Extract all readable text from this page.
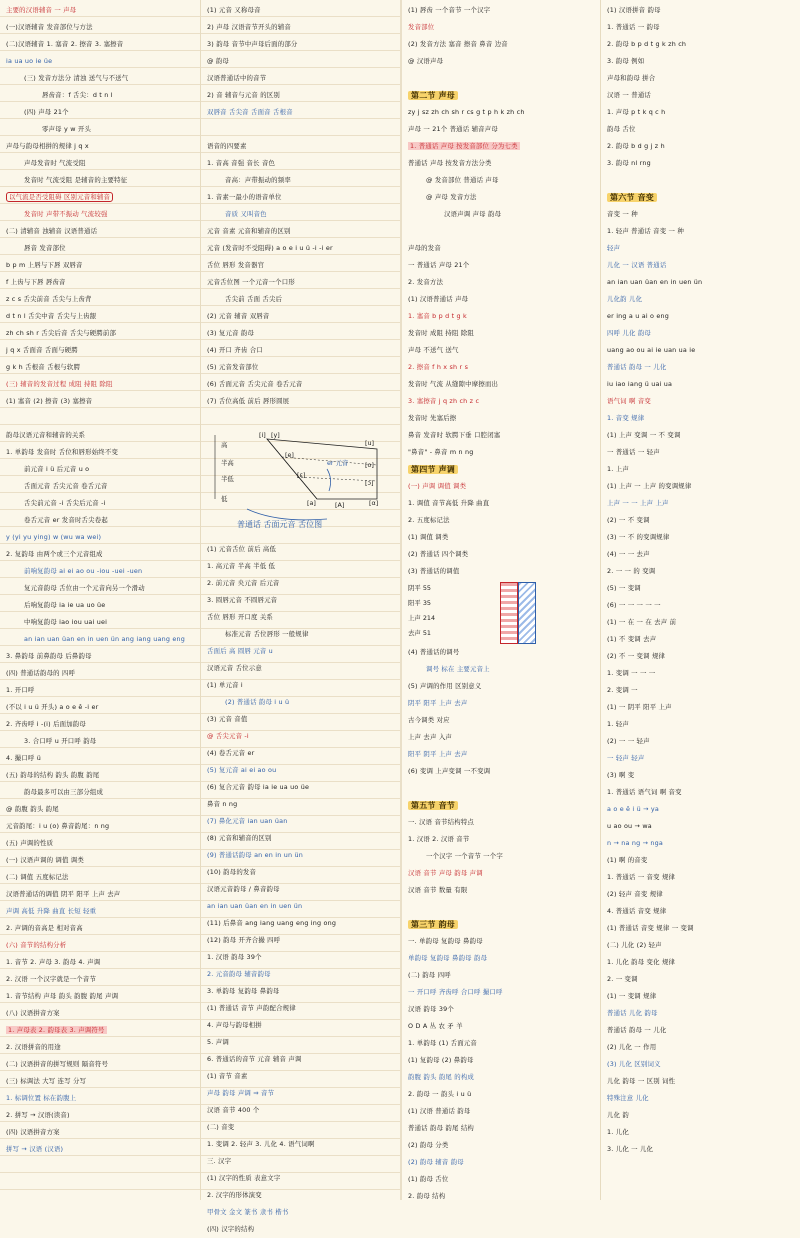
主要的汉语辅音 一 声母
(一)汉语辅音 发音部位与方法
(二)汉语辅音 1. 塞音 2. 擦音 3. 塞擦音
ia ua uo ie üe
(三) 发音方法分 清浊 送气与不送气
唇齿音：f 舌尖：d t n l
(四) 声母 21个
零声母 y w 开头
声母与韵母相拼的规律 j q x
声母发音时 气流受阻
发音时 气流受阻 是辅音的主要特征
以气流是否受阻碍 区别元音和辅音
发音时 声带不振动 气流较强
(二) 清辅音 浊辅音 汉语普通话
唇音 发音部位
b p m 上唇与下唇 双唇音
f 上齿与下唇 唇齿音
z c s 舌尖前音 舌尖与上齿背
d t n l 舌尖中音 舌尖与上齿龈
zh ch sh r 舌尖后音 舌尖与硬腭前部
j q x 舌面音 舌面与硬腭
g k h 舌根音 舌根与软腭
(三) 辅音的发音过程 成阻 持阻 除阻
(1) 塞音 (2) 擦音 (3) 塞擦音
韵母汉语元音和辅音的关系
1. 单韵母 发音时 舌位和唇形始终不变
前元音 i ü 后元音 u o
舌面元音 舌尖元音 卷舌元音
舌尖前元音 -i 舌尖后元音 -i
卷舌元音 er 发音时舌尖卷起
y (yi yu ying) w (wu wa wei)
2. 复韵母 由两个或三个元音组成
前响复韵母 ai ei ao ou -iou -uei -uen
复元音韵母 舌位由一个元音向另一个滑动
后响复韵母 ia ie ua uo üe
中响复韵母 iao iou uai uei
an ian uan üan en in uen ün ang iang uang eng
3. 鼻韵母 前鼻韵母 后鼻韵母
(四) 普通话韵母的 四呼
1. 开口呼
(不以 i u ü 开头) a o e ê -i er
2. 齐齿呼 i -(i) 后面加韵母
3. 合口呼 u 开口呼 韵母
4. 撮口呼 ü
(五) 韵母的结构 韵头 韵腹 韵尾
韵母最多可以由三部分组成
@ 韵腹 韵头 韵尾
元音韵尾：i u (o) 鼻音韵尾：n ng
(五) 声调的性质
(一) 汉语声调的 调值 调类
(二) 调值 五度标记法
汉语普通话的调值 阴平 阳平 上声 去声
声调 高低 升降 曲直 长短 轻重
2. 声调的音高是 相对音高
(六) 音节的结构分析
1. 音节 2. 声母 3. 韵母 4. 声调
2. 汉语 一个汉字就是一个音节
1. 音节结构 声母 韵头 韵腹 韵尾 声调
(八) 汉语拼音方案
1. 声母表 2. 韵母表 3. 声调符号
2. 汉语拼音的用途
(二) 汉语拼音的拼写规则 隔音符号
(三) 标调法 大写 连写 分写
1. 标调位置 标在韵腹上
2. 拼写 → 汉语(读音)
(四) 汉语拼音方案
拼写 → 汉语 (汉语)
(1) 元音 又称母音
2) 声母 汉语音节开头的辅音
3) 韵母 音节中声母后面的部分
@ 韵母
汉语普通话中的音节
2) 音 辅音与元音 的区别
双唇音 舌尖音 舌面音 舌根音
语音的四要素
1. 音高 音强 音长 音色
音高：声带振动的频率
1. 音素一最小的语音单位
音质 又叫音色
元音 音素 元音和辅音的区别
元音 (发音时不受阻碍) a o e i u ü -i -i er
舌位 唇形 发音器官
元音舌位图 一个元音一个口形
舌尖前 舌面 舌尖后
(2) 元音 辅音 双唇音
(3) 复元音 韵母
(4) 开口 齐齿 合口
(5) 元音发音部位
(6) 舌面元音 舌尖元音 卷舌元音
(7) 舌位高低 前后 唇形圆展
[i] [y]
[u]
[e]
[o]
[ε]
[ɔ]
[a]	[A]	[α]
高
半高
半低
低
er 元音
普通话 舌面元音 舌位图
(1) 元音舌位 前后 高低
1. 高元音 半高 半低 低
2. 前元音 央元音 后元音
3. 圆唇元音 不圆唇元音
舌位 唇形 开口度 关系
标准元音 舌位唇形 一般规律
舌面后 高 圆唇 元音 u
汉语元音 舌位示意
(1) 单元音 i
(2) 普通话 韵母 i u ü
(3) 元音 音值
@ 舌尖元音 -i
(4) 卷舌元音 er
(5) 复元音 ai ei ao ou
(6) 复合元音 韵母 ia ie ua uo üe
鼻音 n ng
(7) 鼻化元音 ian uan üan
(8) 元音和辅音的区别
(9) 普通话韵母 an en in un ün
(10) 韵母的发音
汉语元音韵母 / 鼻音韵母
an ian uan üan en in uen ün
(11) 后鼻音 ang iang uang eng ing ong
(12) 韵母 开齐合撮 四呼
1. 汉语 韵母 39个
2. 元音韵母 辅音韵母
3. 单韵母 复韵母 鼻韵母
(1) 普通话 音节 声韵配合规律
4. 声母与韵母相拼
5. 声调
6. 普通话的音节 元音 辅音 声调
(1) 音节 音素
声母 韵母 声调 ⇒ 音节
汉语 音节 400 个
(二) 音变
1. 变调 2. 轻声 3. 儿化 4. 语气词啊
三. 汉字
(1) 汉字的性质 表意文字
2. 汉字的形体演变
甲骨文 金文 篆书 隶书 楷书
(四) 汉字的结构
(1) 唇齿 一个音节 一个汉字
发音部位
(2) 发音方法 塞音 擦音 鼻音 边音
@ 汉语声母
第二节 声母
zy j sz zh ch sh r cs g t p h k zh ch
声母 一 21个 普通话 辅音声母
1. 普通话 声母 按发音部位 分为七类
普通话 声母 按发音方法分类
@ 发音部位 普通话 声母
@ 声母 发音方法
汉语声调 声母 韵母
声母的发音
一 普通话 声母 21个
2. 发音方法
(1) 汉语普通话 声母
1. 塞音 b p d t g k
发音时 成阻 持阻 除阻
声母 不送气 送气
2. 擦音 f h x sh r s
发音时 气流 从缝隙中摩擦而出
3. 塞擦音 j q zh ch z c
发音时 先塞后擦
鼻音 发音时 软腭下垂 口腔闭塞
"鼻音" - 鼻音 m n ng
第四节 声调
(一) 声调 调值 调类
1. 调值 音节高低 升降 曲直
2. 五度标记法
(1) 调值 调类
(2) 普通话 四个调类
(3) 普通话的调值
阴平 55
阳平 35
上声 214
去声 51
(4) 普通话的调号
调号 标在 主要元音上
(5) 声调的作用 区别意义
阴平 阳平 上声 去声
古今调类 对应
上声 去声 入声
阳平 阴平 上声 去声
(6) 变调 上声变调 一不变调
第五节 音节
一. 汉语 音节结构特点
1. 汉语 2. 汉语 音节
一个汉字 一个音节 一个字
汉语 音节 声母 韵母 声调
汉语 音节 数量 有限
第三节 韵母
一. 单韵母 复韵母 鼻韵母
单韵母 复韵母 鼻韵母 韵母
(二) 韵母 四呼
一 开口呼 齐齿呼 合口呼 撮口呼
汉语 韵母 39个
O D A 丛 农 矛 羊
1. 单韵母 (1) 舌面元音
(1) 复韵母 (2) 鼻韵母
韵腹 韵头 韵尾 的构成
2. 韵母 一 韵头 i u ü
(1) 汉语 普通话 韵母
普通话 韵母 韵尾 结构
(2) 韵母 分类
(2) 韵母 辅音 韵母
(1) 韵母 舌位
2. 韵母 结构
(1) 汉语拼音 韵母
1. 普通话 一 韵母
2. 韵母 b p d t g k zh ch
3. 韵母 例如
声母和韵母 拼合
汉语 一 普通话
1. 声母 p t k q c h
韵母 舌位
2. 韵母 b d g j z h
3. 韵母 nl rng
第六节 音变
音变 一 种
1. 轻声 普通话 音变 一 种
轻声
儿化 一 汉语 普通话
an ian uan üan en in uen ün
儿化韵 儿化
er ing a u ai o eng
四呼 儿化 韵母
uang ao ou ai ie uan ua ie
普通话 韵母 一 儿化
iu iao iang ü uai ua
语气词 啊 音变
1. 音变 规律
(1) 上声 变调 一 不 变调
一 普通话 一 轻声
1. 上声
(1) 上声 一 上声 的变调规律
上声 一 一 上声 上声
(2) 一 不 变调
(3) 一 不 的变调规律
(4) 一 一 去声
2. 一 一 的 变调
(5) 一 变调
(6) 一 一 一 一 一
(1) 一 在 一 在 去声 前
(1) 不 变调 去声
(2) 不 一 变调 规律
1. 变调 一 一 一
2. 变调 一
(1) 一 阴平 阳平 上声
1. 轻声
(2) 一 一 轻声
一 轻声 轻声
(3) 啊 变
1. 普通话 语气词 啊 音变
a o e ê i ü → ya
u ao ou → wa
n → na ng → nga
(1) 啊 的音变
1. 普通话 一 音变 规律
(2) 轻声 音变 规律
4. 普通话 音变 规律
(1) 普通话 音变 规律 一 变调
(二) 儿化 (2) 轻声
1. 儿化 韵母 变化 规律
2. 一 变调
(1) 一 变调 规律
普通话 儿化 韵母
普通话 韵母 一 儿化
(2) 儿化 一 作用
(3) 儿化 区别词义
儿化 韵母 一 区别 词性
特殊注意 儿化
儿化 韵
1. 儿化
3. 儿化 一 儿化
